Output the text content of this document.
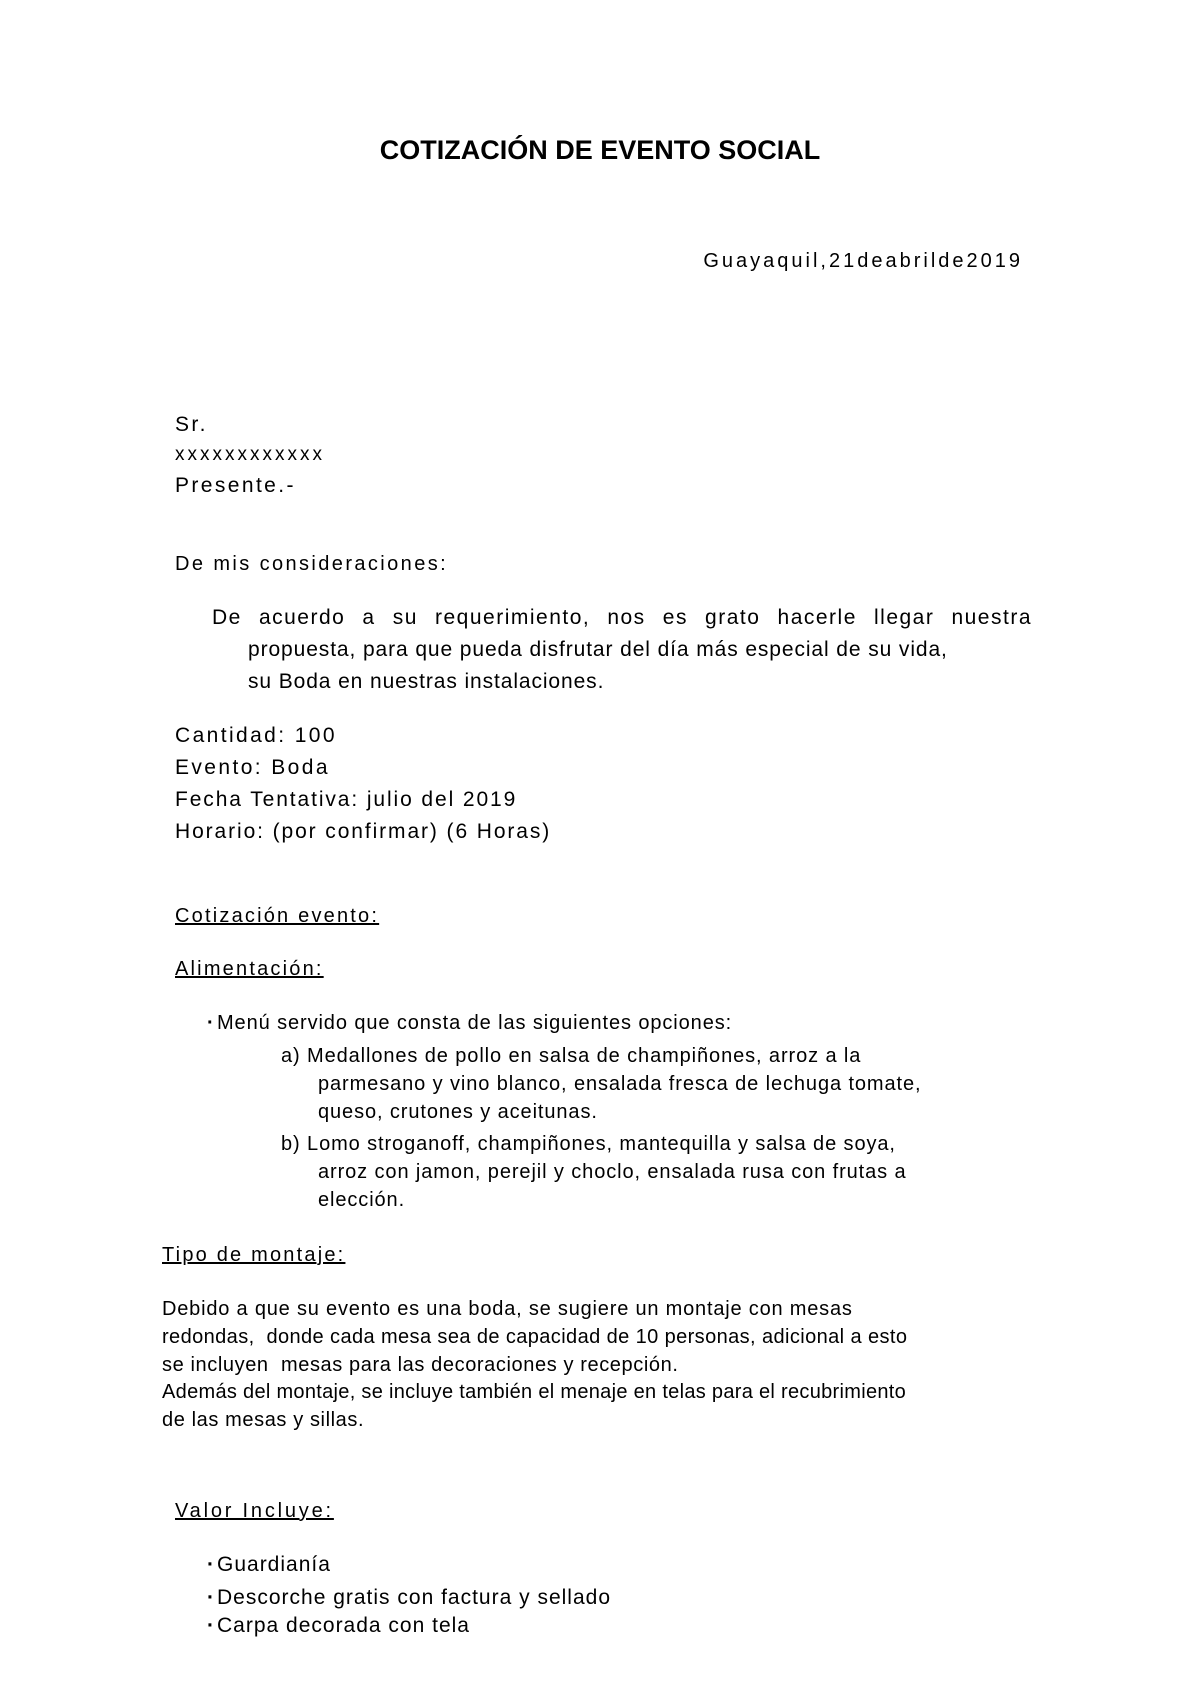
COTIZACIÓN DE EVENTO SOCIAL
Guayaquil,21deabrilde2019
Sr.
xxxxxxxxxxxx
Presente.-
De mis consideraciones:
De acuerdo a su requerimiento, nos es grato hacerle llegar nuestra
propuesta, para que pueda disfrutar del día más especial de su vida,
su Boda en nuestras instalaciones.
Cantidad: 100
Evento: Boda
Fecha Tentativa: julio del 2019
Horario: (por confirmar) (6 Horas)
Cotización evento:
Alimentación:
· Menú servido que consta de las siguientes opciones:
a) Medallones de pollo en salsa de champiñones, arroz a la
parmesano y vino blanco, ensalada fresca de lechuga tomate,
queso, crutones y aceitunas.
b) Lomo stroganoff, champiñones, mantequilla y salsa de soya,
arroz con jamon, perejil y choclo, ensalada rusa con frutas a
elección.
Tipo de montaje:
Debido a que su evento es una boda, se sugiere un montaje con mesas
redondas,  donde cada mesa sea de capacidad de 10 personas, adicional a esto
se incluyen  mesas para las decoraciones y recepción.
Además del montaje, se incluye también el menaje en telas para el recubrimiento
de las mesas y sillas.
Valor Incluye:
· Guardianía
· Descorche gratis con factura y sellado
· Carpa decorada con tela
